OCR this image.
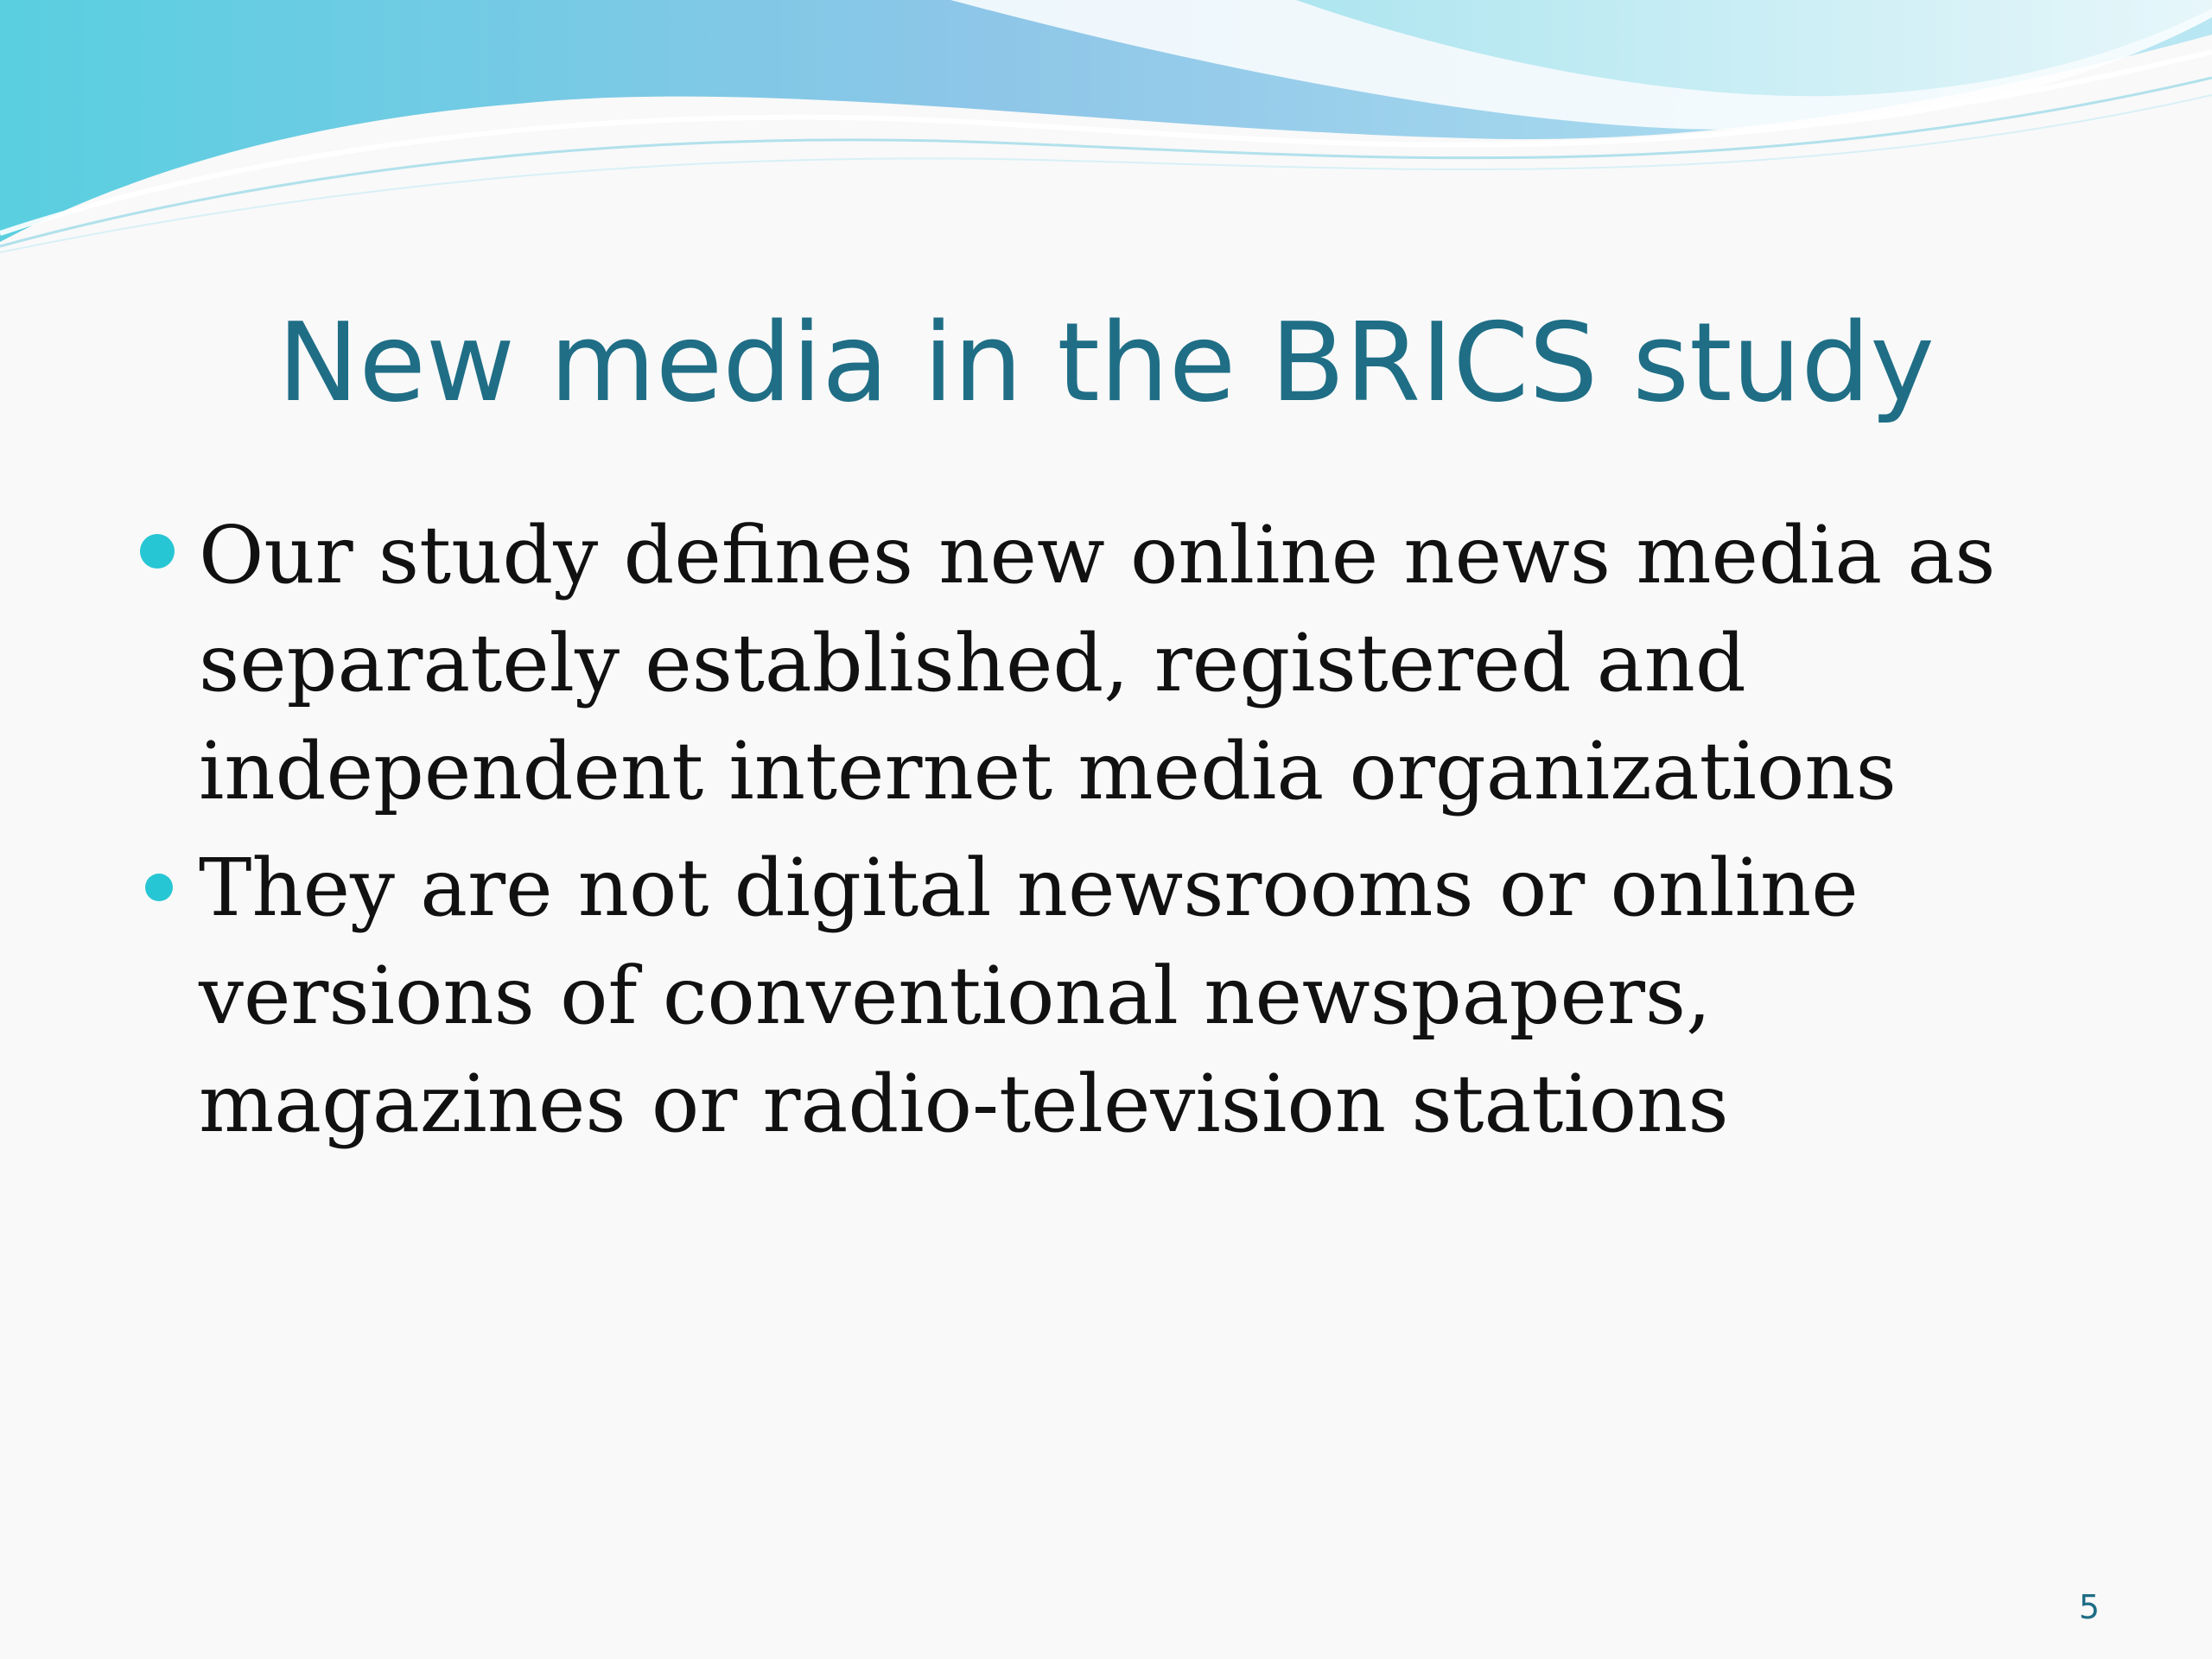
New media in the BRICS study
Our study defines new online news media as separately established, registered and independent internet media organizations
They are not digital newsrooms or online versions of conventional newspapers, magazines or radio-television stations
5
